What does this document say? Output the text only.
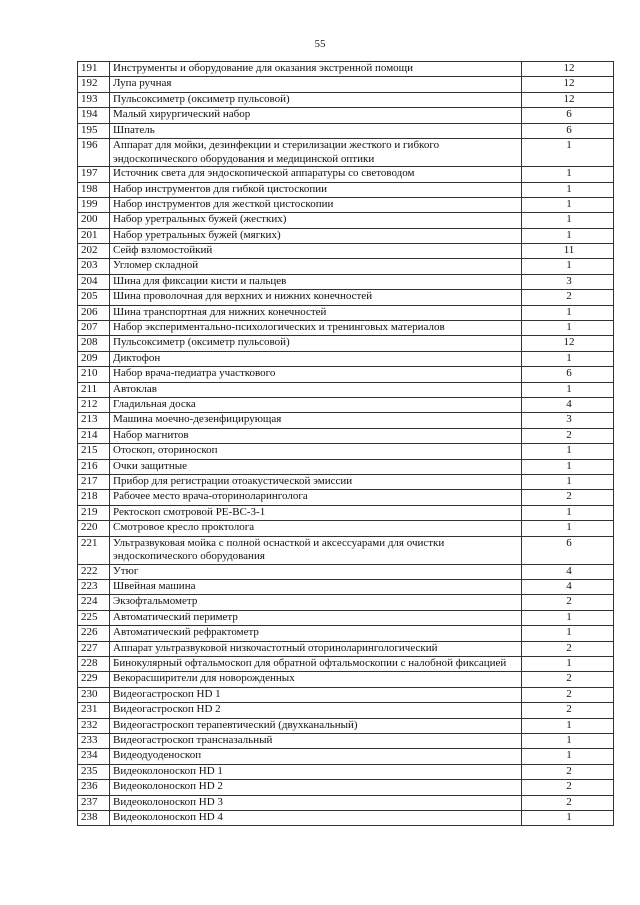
55
191	Инструменты и оборудование для оказания экстренной помощи	12
192	Лупа ручная	12
193	Пульсоксиметр (оксиметр пульсовой)	12
194	Малый хирургический набор	6
195	Шпатель	6
196	Аппарат для мойки, дезинфекции и стерилизации жесткого и гибкого эндоскопического оборудования и медицинской оптики	1
197	Источник света для эндоскопической аппаратуры со световодом	1
198	Набор инструментов для гибкой цистоскопии	1
199	Набор инструментов для жесткой цистоскопии	1
200	Набор уретральных бужей (жестких)	1
201	Набор уретральных бужей (мягких)	1
202	Сейф взломостойкий	11
203	Угломер складной	1
204	Шина для фиксации кисти и пальцев	3
205	Шина проволочная для верхних и нижних конечностей	2
206	Шина транспортная для нижних конечностей	1
207	Набор экспериментально-психологических и тренинговых материалов	1
208	Пульсоксиметр (оксиметр пульсовой)	12
209	Диктофон	1
210	Набор врача-педиатра участкового	6
211	Автоклав	1
212	Гладильная доска	4
213	Машина моечно-дезенфицирующая	3
214	Набор магнитов	2
215	Отоскоп, оториноскоп	1
216	Очки защитные	1
217	Прибор для регистрации отоакустической эмиссии	1
218	Рабочее место врача-оториноларинголога	2
219	Ректоскоп смотровой РЕ-ВС-3-1	1
220	Смотровое кресло проктолога	1
221	Ультразвуковая мойка с полной оснасткой и аксессуарами для очистки эндоскопического оборудования	6
222	Утюг	4
223	Швейная машина	4
224	Экзофтальмометр	2
225	Автоматический периметр	1
226	Автоматический рефрактометр	1
227	Аппарат ультразвуковой низкочастотный оториноларингологический	2
228	Бинокулярный офтальмоскоп для обратной офтальмоскопии с налобной фиксацией	1
229	Векорасширители для новорожденных	2
230	Видеогастроскоп HD 1	2
231	Видеогастроскоп HD 2	2
232	Видеогастроскоп терапевтический (двухканальный)	1
233	Видеогастроскоп трансназальный	1
234	Видеодуоденоскоп	1
235	Видеоколоноскоп HD 1	2
236	Видеоколоноскоп HD 2	2
237	Видеоколоноскоп HD 3	2
238	Видеоколоноскоп HD 4	1
